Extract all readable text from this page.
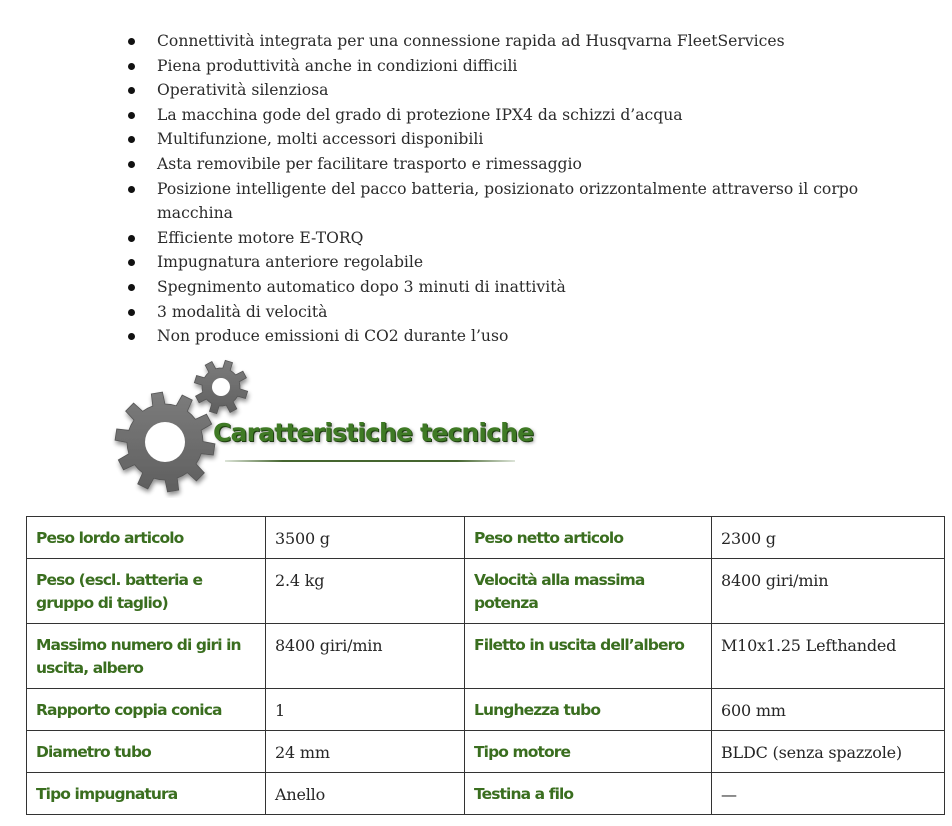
Connettività integrata per una connessione rapida ad Husqvarna FleetServices
Piena produttività anche in condizioni difficili
Operatività silenziosa
La macchina gode del grado di protezione IPX4 da schizzi d’acqua
Multifunzione, molti accessori disponibili
Asta removibile per facilitare trasporto e rimessaggio
Posizione intelligente del pacco batteria, posizionato orizzontalmente attraverso il corpo macchina
Efficiente motore E-TORQ
Impugnatura anteriore regolabile
Spegnimento automatico dopo 3 minuti di inattività
3 modalità di velocità
Non produce emissioni di CO2 durante l’uso
Caratteristiche tecniche
Peso lordo articolo	3500 g	Peso netto articolo	2300 g
Peso (escl. batteria e gruppo di taglio)	2.4 kg	Velocità alla massima potenza	8400 giri/min
Massimo numero di giri in uscita, albero	8400 giri/min	Filetto in uscita dell’albero	M10x1.25 Lefthanded
Rapporto coppia conica	1	Lunghezza tubo	600 mm
Diametro tubo	24 mm	Tipo motore	BLDC (senza spazzole)
Tipo impugnatura	Anello	Testina a filo	—
